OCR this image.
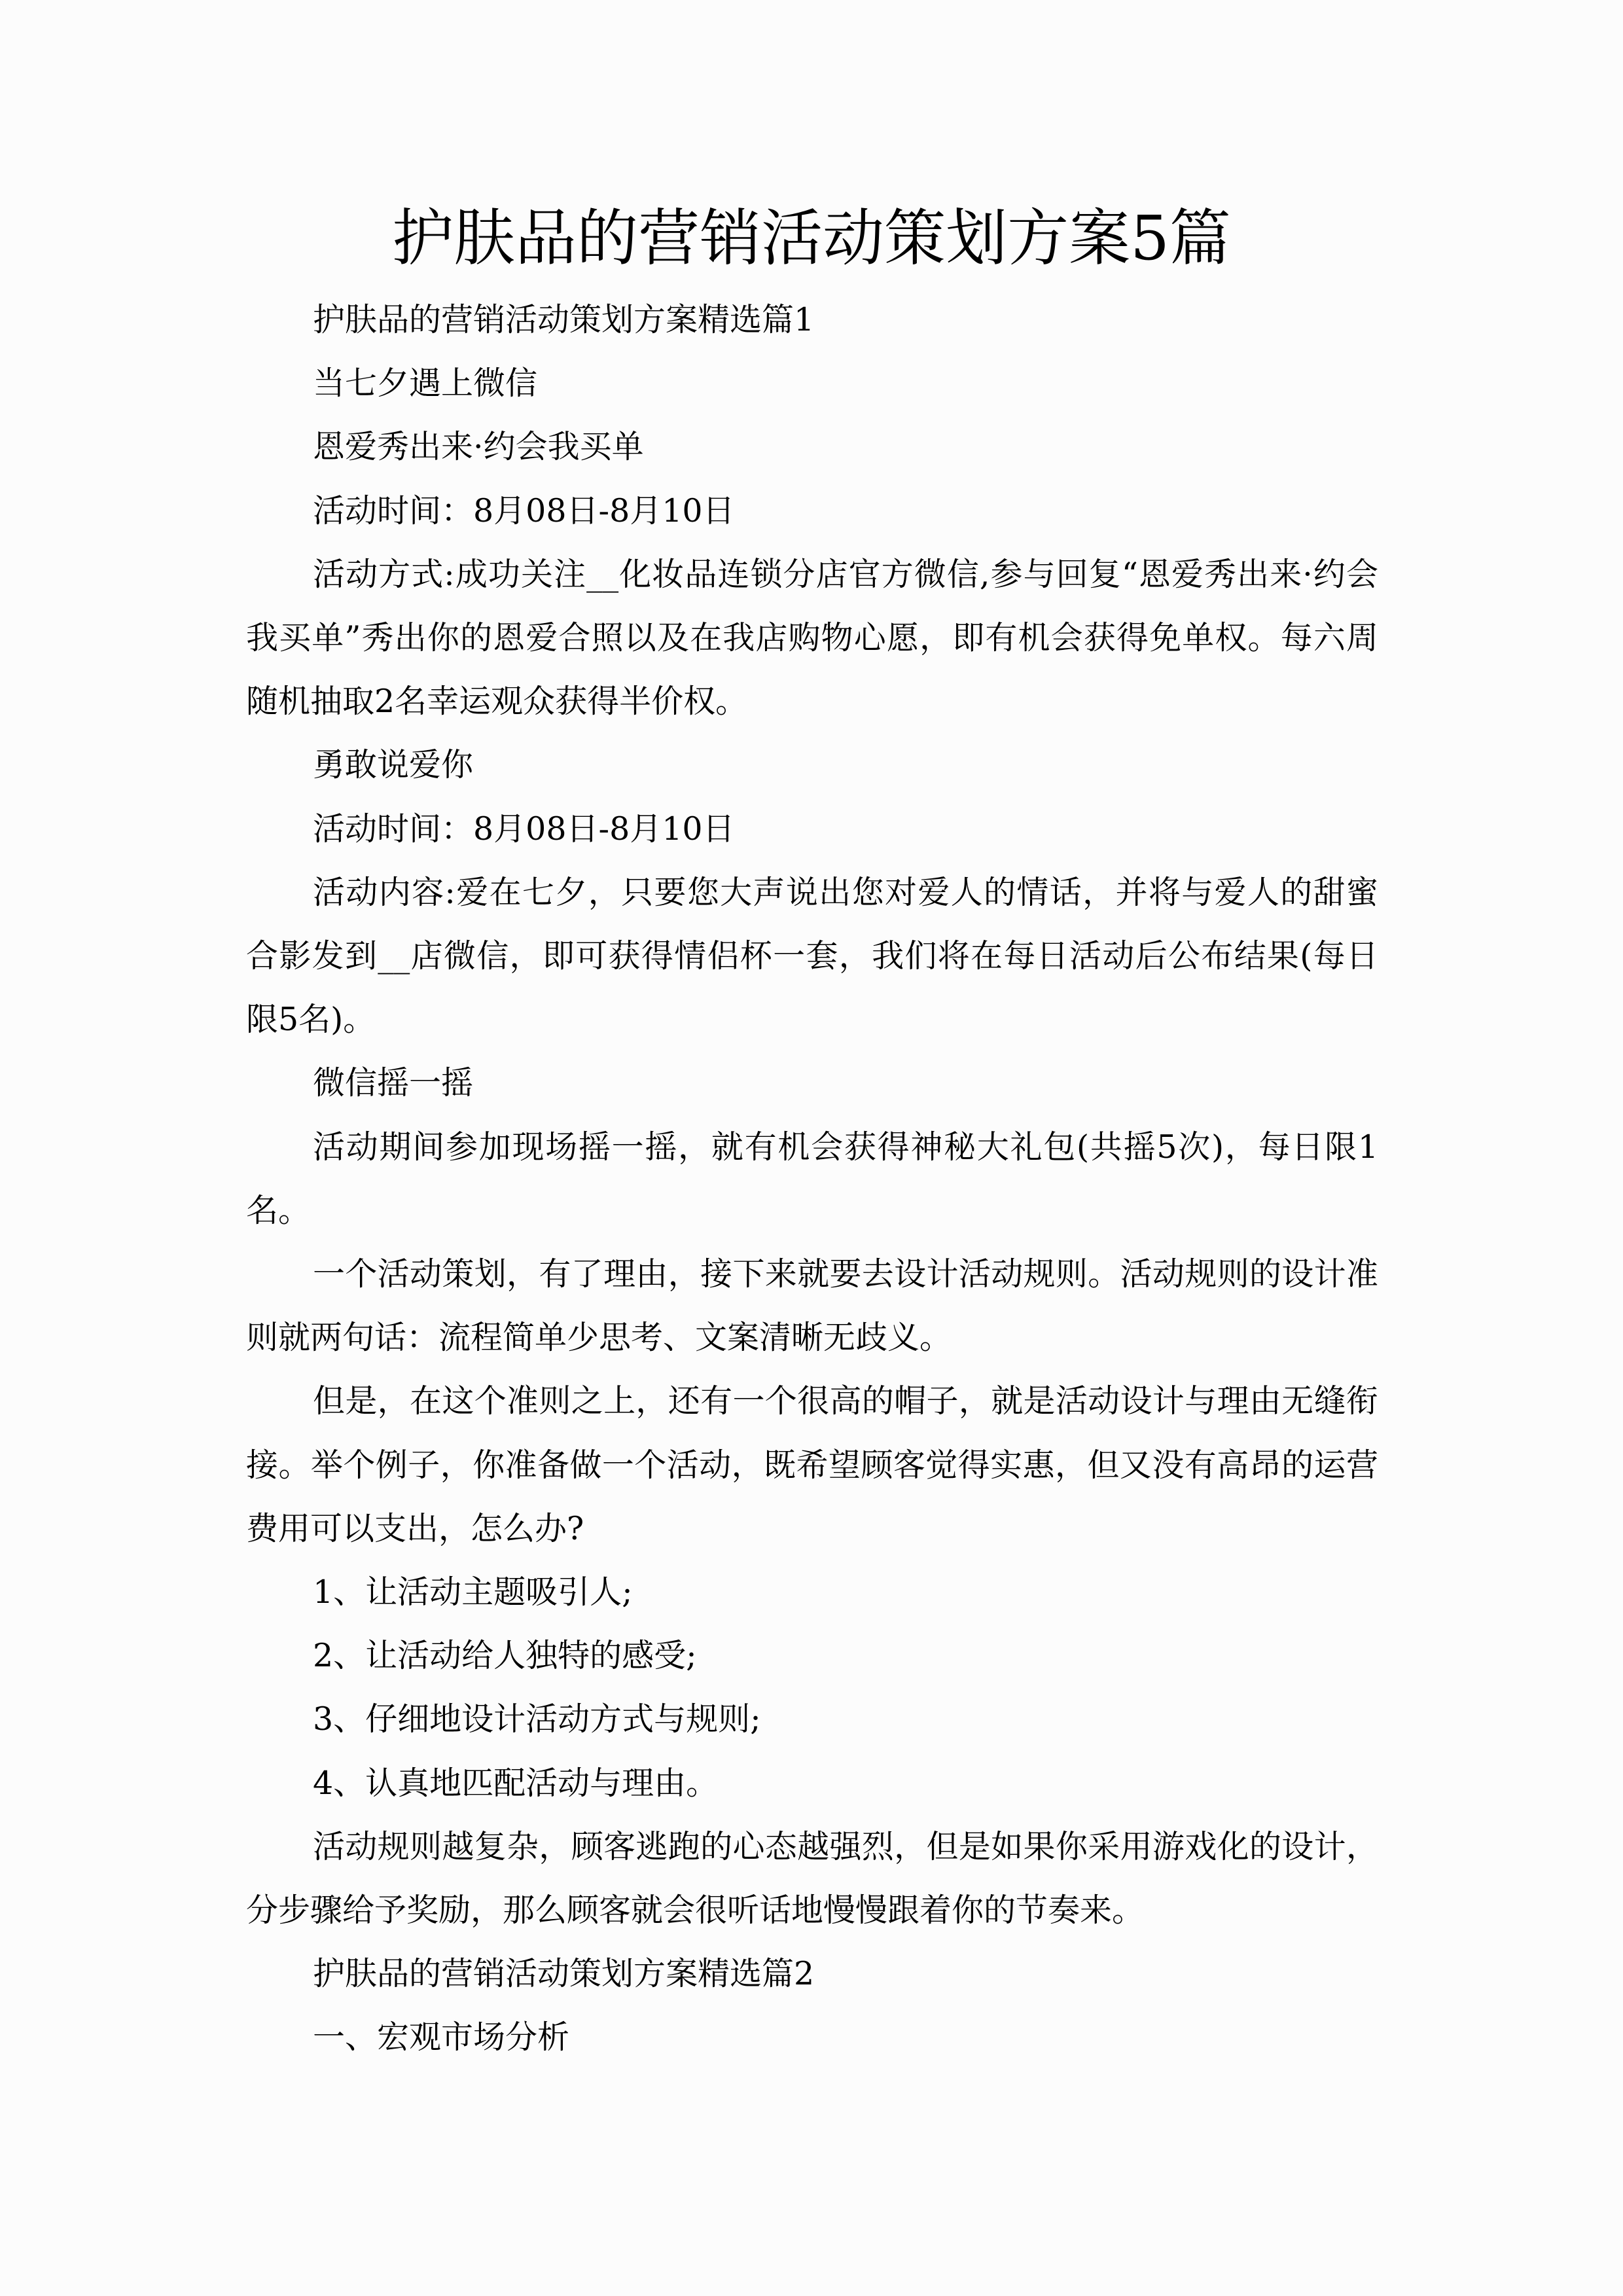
护肤品的营销活动策划方案5篇

护肤品的营销活动策划方案精选篇1

当七夕遇上微信

恩爱秀出来·约会我买单

活动时间：8月08日-8月10日

活动方式:成功关注__化妆品连锁分店官方微信,参与回复“恩爱秀出来·约会我买单”秀出你的恩爱合照以及在我店购物心愿，即有机会获得免单权。每六周随机抽取2名幸运观众获得半价权。

勇敢说爱你

活动时间：8月08日-8月10日

活动内容:爱在七夕，只要您大声说出您对爱人的情话，并将与爱人的甜蜜合影发到__店微信，即可获得情侣杯一套，我们将在每日活动后公布结果(每日限5名)。

微信摇一摇

活动期间参加现场摇一摇，就有机会获得神秘大礼包(共摇5次)，每日限1名。

一个活动策划，有了理由，接下来就要去设计活动规则。活动规则的设计准则就两句话：流程简单少思考、文案清晰无歧义。

但是，在这个准则之上，还有一个很高的帽子，就是活动设计与理由无缝衔接。举个例子，你准备做一个活动，既希望顾客觉得实惠，但又没有高昂的运营费用可以支出，怎么办?

1、让活动主题吸引人;

2、让活动给人独特的感受;

3、仔细地设计活动方式与规则;

4、认真地匹配活动与理由。

活动规则越复杂，顾客逃跑的心态越强烈，但是如果你采用游戏化的设计，分步骤给予奖励，那么顾客就会很听话地慢慢跟着你的节奏来。

护肤品的营销活动策划方案精选篇2

一、宏观市场分析
